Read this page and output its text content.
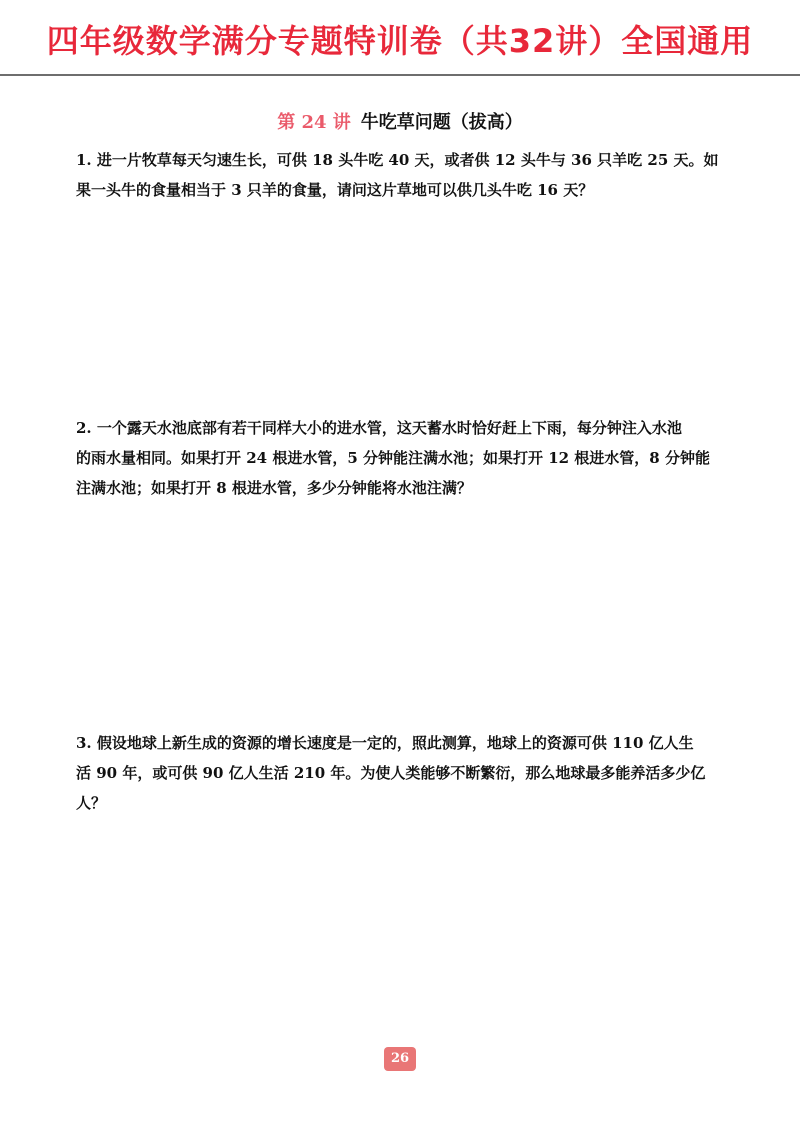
四年级数学满分专题特训卷（共32讲）全国通用
第 24 讲 牛吃草问题（拔高）
1. 进一片牧草每天匀速生长，可供 18 头牛吃 40 天，或者供 12 头牛与 36 只羊吃 25 天。如
果一头牛的食量相当于 3 只羊的食量，请问这片草地可以供几头牛吃 16 天？
2. 一个露天水池底部有若干同样大小的进水管，这天蓄水时恰好赶上下雨，每分钟注入水池
的雨水量相同。如果打开 24 根进水管，5 分钟能注满水池；如果打开 12 根进水管，8 分钟能
注满水池；如果打开 8 根进水管，多少分钟能将水池注满？
3. 假设地球上新生成的资源的增长速度是一定的，照此测算，地球上的资源可供 110 亿人生
活 90 年，或可供 90 亿人生活 210 年。为使人类能够不断繁衍，那么地球最多能养活多少亿
人？
26
